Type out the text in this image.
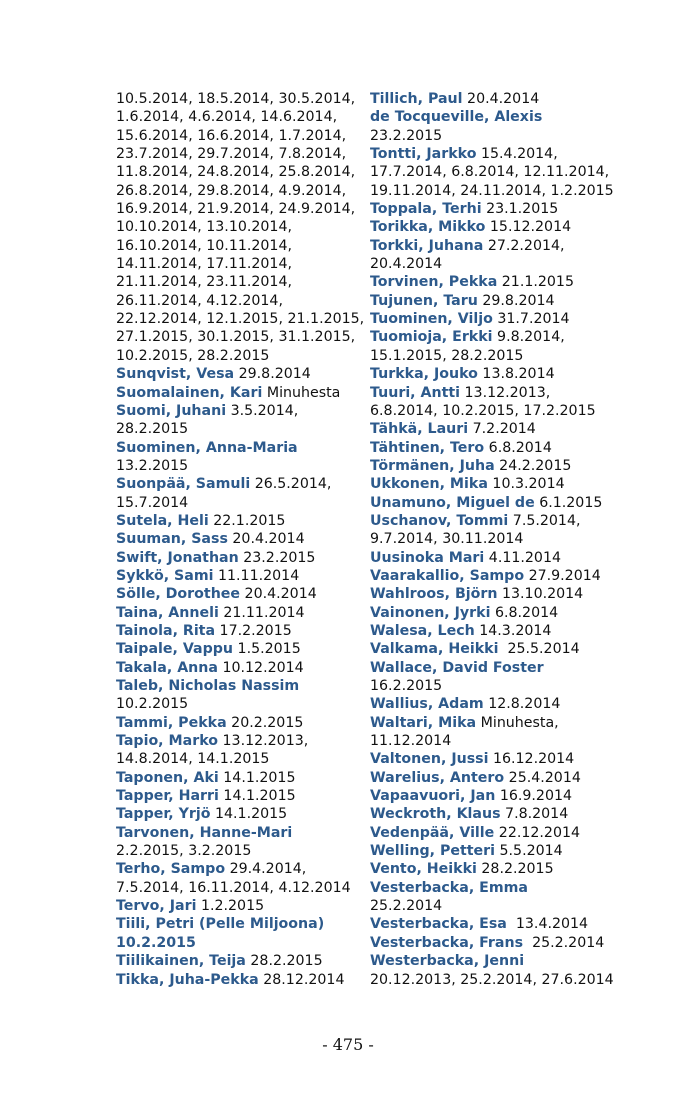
10.5.2014, 18.5.2014, 30.5.2014,
1.6.2014, 4.6.2014, 14.6.2014,
15.6.2014, 16.6.2014, 1.7.2014,
23.7.2014, 29.7.2014, 7.8.2014,
11.8.2014, 24.8.2014, 25.8.2014,
26.8.2014, 29.8.2014, 4.9.2014,
16.9.2014, 21.9.2014, 24.9.2014,
10.10.2014, 13.10.2014,
16.10.2014, 10.11.2014,
14.11.2014, 17.11.2014,
21.11.2014, 23.11.2014,
26.11.2014, 4.12.2014,
22.12.2014, 12.1.2015, 21.1.2015,
27.1.2015, 30.1.2015, 31.1.2015,
10.2.2015, 28.2.2015
Sunqvist, Vesa 29.8.2014
Suomalainen, Kari Minuhesta
Suomi, Juhani 3.5.2014,
28.2.2015
Suominen, Anna-Maria
13.2.2015
Suonpää, Samuli 26.5.2014,
15.7.2014
Sutela, Heli 22.1.2015
Suuman, Sass 20.4.2014
Swift, Jonathan 23.2.2015
Sykkö, Sami 11.11.2014
Sölle, Dorothee 20.4.2014
Taina, Anneli 21.11.2014
Tainola, Rita 17.2.2015
Taipale, Vappu 1.5.2015
Takala, Anna 10.12.2014
Taleb, Nicholas Nassim
10.2.2015
Tammi, Pekka 20.2.2015
Tapio, Marko 13.12.2013,
14.8.2014, 14.1.2015
Taponen, Aki 14.1.2015
Tapper, Harri 14.1.2015
Tapper, Yrjö 14.1.2015
Tarvonen, Hanne-Mari
2.2.2015, 3.2.2015
Terho, Sampo 29.4.2014,
7.5.2014, 16.11.2014, 4.12.2014
Tervo, Jari 1.2.2015
Tiili, Petri (Pelle Miljoona)
10.2.2015
Tiilikainen, Teija 28.2.2015
Tikka, Juha-Pekka 28.12.2014
Tillich, Paul 20.4.2014
de Tocqueville, Alexis
23.2.2015
Tontti, Jarkko 15.4.2014,
17.7.2014, 6.8.2014, 12.11.2014,
19.11.2014, 24.11.2014, 1.2.2015
Toppala, Terhi 23.1.2015
Torikka, Mikko 15.12.2014
Torkki, Juhana 27.2.2014,
20.4.2014
Torvinen, Pekka 21.1.2015
Tujunen, Taru 29.8.2014
Tuominen, Viljo 31.7.2014
Tuomioja, Erkki 9.8.2014,
15.1.2015, 28.2.2015
Turkka, Jouko 13.8.2014
Tuuri, Antti 13.12.2013,
6.8.2014, 10.2.2015, 17.2.2015
Tähkä, Lauri 7.2.2014
Tähtinen, Tero 6.8.2014
Törmänen, Juha 24.2.2015
Ukkonen, Mika 10.3.2014
Unamuno, Miguel de 6.1.2015
Uschanov, Tommi 7.5.2014,
9.7.2014, 30.11.2014
Uusinoka Mari 4.11.2014
Vaarakallio, Sampo 27.9.2014
Wahlroos, Björn 13.10.2014
Vainonen, Jyrki 6.8.2014
Walesa, Lech 14.3.2014
Valkama, Heikki  25.5.2014
Wallace, David Foster
16.2.2015
Wallius, Adam 12.8.2014
Waltari, Mika Minuhesta,
11.12.2014
Valtonen, Jussi 16.12.2014
Warelius, Antero 25.4.2014
Vapaavuori, Jan 16.9.2014
Weckroth, Klaus 7.8.2014
Vedenpää, Ville 22.12.2014
Welling, Petteri 5.5.2014
Vento, Heikki 28.2.2015
Vesterbacka, Emma
25.2.2014
Vesterbacka, Esa  13.4.2014
Vesterbacka, Frans  25.2.2014
Westerbacka, Jenni
20.12.2013, 25.2.2014, 27.6.2014
- 475 -
